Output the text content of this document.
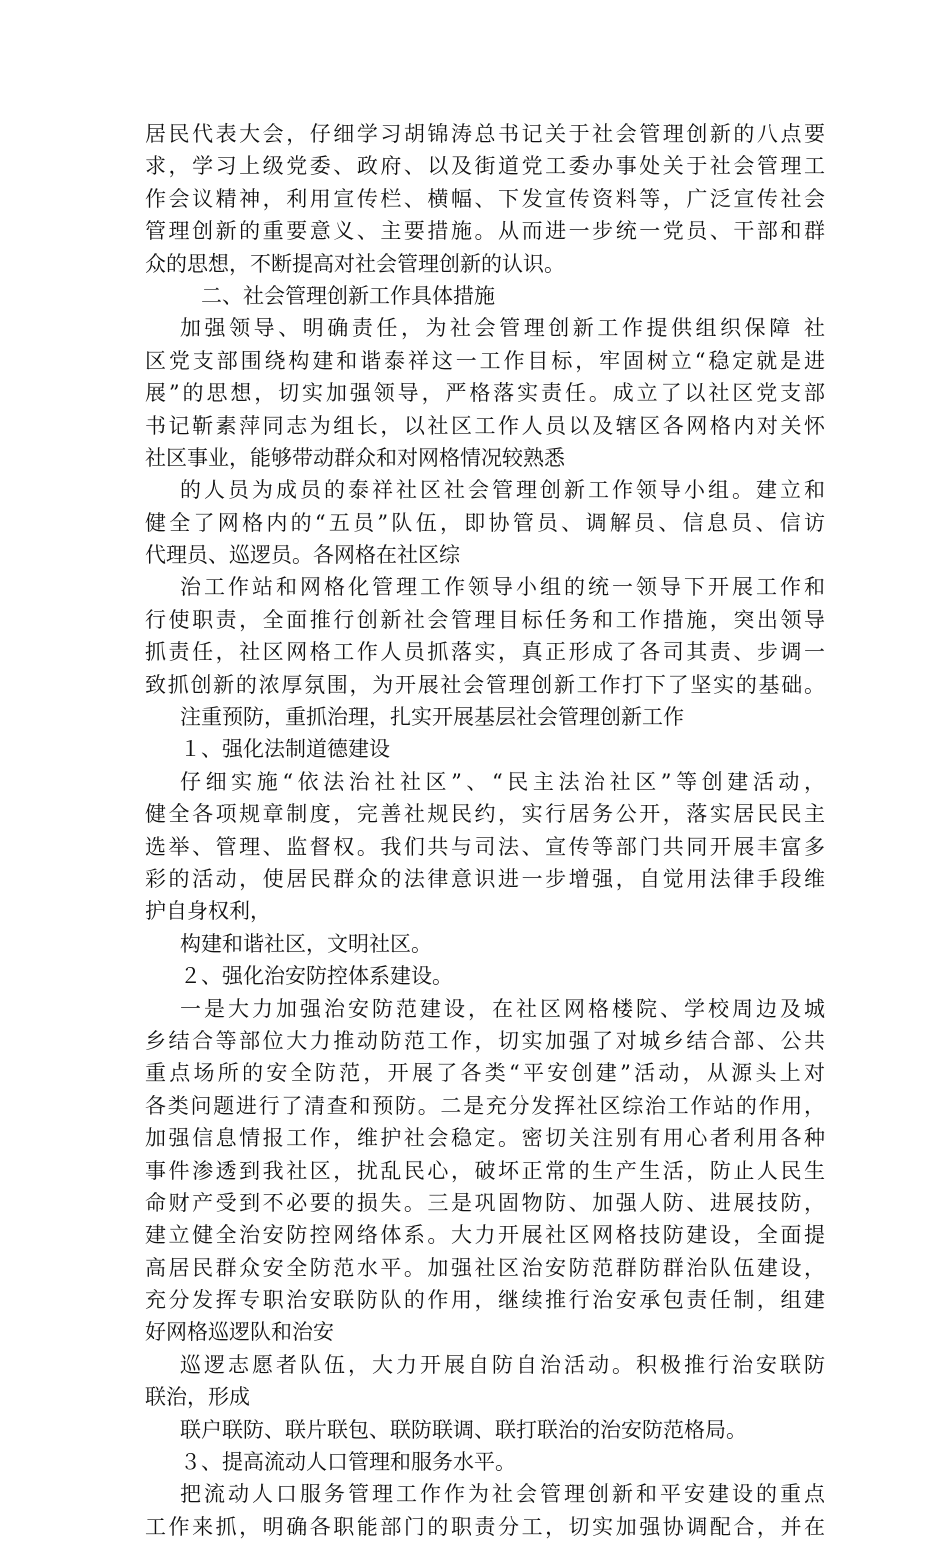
居民代表大会，仔细学习胡锦涛总书记关于社会管理创新的八点要
求，学习上级党委、政府、以及街道党工委办事处关于社会管理工
作会议精神，利用宣传栏、横幅、下发宣传资料等，广泛宣传社会
管理创新的重要意义、主要措施。从而进一步统一党员、干部和群
众的思想，不断提高对社会管理创新的认识。
二、社会管理创新工作具体措施
加强领导、明确责任，为社会管理创新工作提供组织保障 社
区党支部围绕构建和谐泰祥这一工作目标，牢固树立“稳定就是进
展”的思想，切实加强领导，严格落实责任。成立了以社区党支部
书记靳素萍同志为组长，以社区工作人员以及辖区各网格内对关怀
社区事业，能够带动群众和对网格情况较熟悉
的人员为成员的泰祥社区社会管理创新工作领导小组。建立和
健全了网格内的“五员”队伍，即协管员、调解员、信息员、信访
代理员、巡逻员。各网格在社区综
治工作站和网格化管理工作领导小组的统一领导下开展工作和
行使职责，全面推行创新社会管理目标任务和工作措施，突出领导
抓责任，社区网格工作人员抓落实，真正形成了各司其责、步调一
致抓创新的浓厚氛围，为开展社会管理创新工作打下了坚实的基础。
注重预防，重抓治理，扎实开展基层社会管理创新工作
１、强化法制道德建设
仔细实施“依法治社社区”、“民主法治社区”等创建活动，
健全各项规章制度，完善社规民约，实行居务公开，落实居民民主
选举、管理、监督权。我们共与司法、宣传等部门共同开展丰富多
彩的活动，使居民群众的法律意识进一步增强，自觉用法律手段维
护自身权利，
构建和谐社区，文明社区。
２、强化治安防控体系建设。
一是大力加强治安防范建设，在社区网格楼院、学校周边及城
乡结合等部位大力推动防范工作，切实加强了对城乡结合部、公共
重点场所的安全防范，开展了各类“平安创建”活动，从源头上对
各类问题进行了清查和预防。二是充分发挥社区综治工作站的作用，
加强信息情报工作，维护社会稳定。密切关注别有用心者利用各种
事件渗透到我社区，扰乱民心，破坏正常的生产生活，防止人民生
命财产受到不必要的损失。三是巩固物防、加强人防、进展技防，
建立健全治安防控网络体系。大力开展社区网格技防建设，全面提
高居民群众安全防范水平。加强社区治安防范群防群治队伍建设，
充分发挥专职治安联防队的作用，继续推行治安承包责任制，组建
好网格巡逻队和治安
巡逻志愿者队伍，大力开展自防自治活动。积极推行治安联防
联治，形成
联户联防、联片联包、联防联调、联打联治的治安防范格局。
３、提高流动人口管理和服务水平。
把流动人口服务管理工作作为社会管理创新和平安建设的重点
工作来抓，明确各职能部门的职责分工，切实加强协调配合，并在
